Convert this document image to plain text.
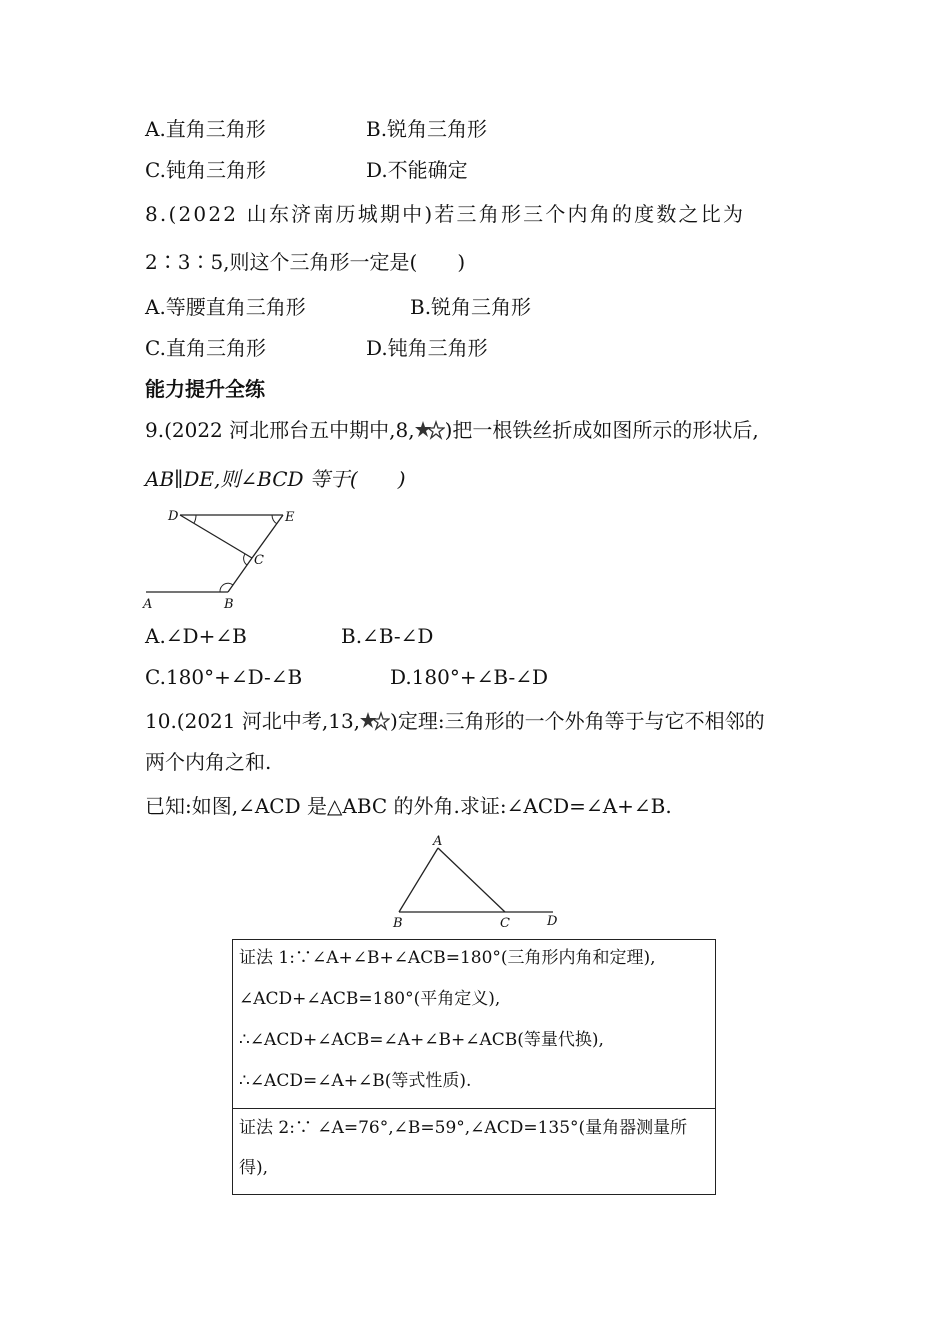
A.直角三角形	B.锐角三角形
C.钝角三角形	D.不能确定
8.(2022 山东济南历城期中)若三角形三个内角的度数之比为
2∶3∶5,则这个三角形一定是(　　)
A.等腰直角三角形	B.锐角三角形
C.直角三角形	D.钝角三角形
能力提升全练
9.(2022 河北邢台五中期中,8, )把一根铁丝折成如图所示的形状后,
AB∥DE,则∠BCD 等于(　　)
D	E
C
A	B
A.∠D+∠B	B.∠B-∠D
C.180°+∠D-∠B	D.180°+∠B-∠D
10.(2021 河北中考,13, )定理:三角形的一个外角等于与它不相邻的
两个内角之和.
已知:如图,∠ACD 是△ABC 的外角.求证:∠ACD=∠A+∠B.
A
B	C	D
证法 1:∵∠A+∠B+∠ACB=180°(三角形内角和定理),
∠ACD+∠ACB=180°(平角定义),
∴∠ACD+∠ACB=∠A+∠B+∠ACB(等量代换),
∴∠ACD=∠A+∠B(等式性质).
证法 2:∵ ∠A=76°,∠B=59°,∠ACD=135°(量角器测量所
得),
